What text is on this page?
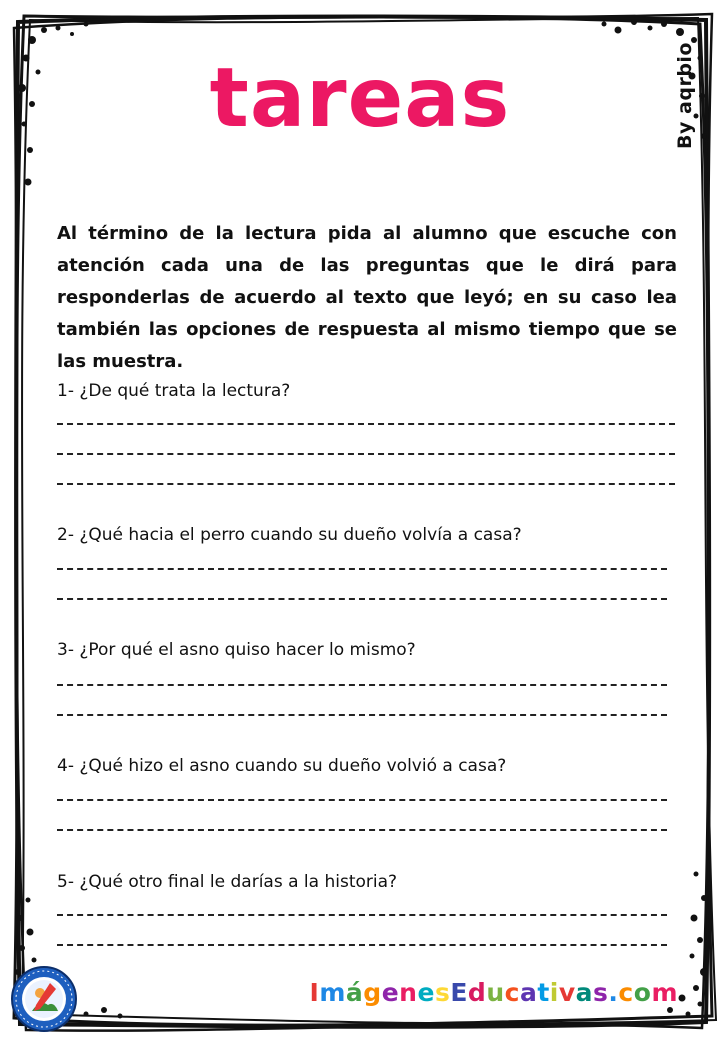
tareas	By aqrbio

Al término de la lectura pida al alumno que escuche con atención cada una de las preguntas que le dirá para responderlas de acuerdo al texto que leyó; en su caso lea también las opciones de respuesta al mismo tiempo que se las muestra.

1- ¿De qué trata la lectura?

2- ¿Qué hacia el perro cuando su dueño volvía a casa?

3- ¿Por qué el asno quiso hacer lo mismo?

4- ¿Qué hizo el asno cuando su dueño volvió a casa?

5- ¿Qué otro final le darías a la historia?

ImágenesEducativas.com
